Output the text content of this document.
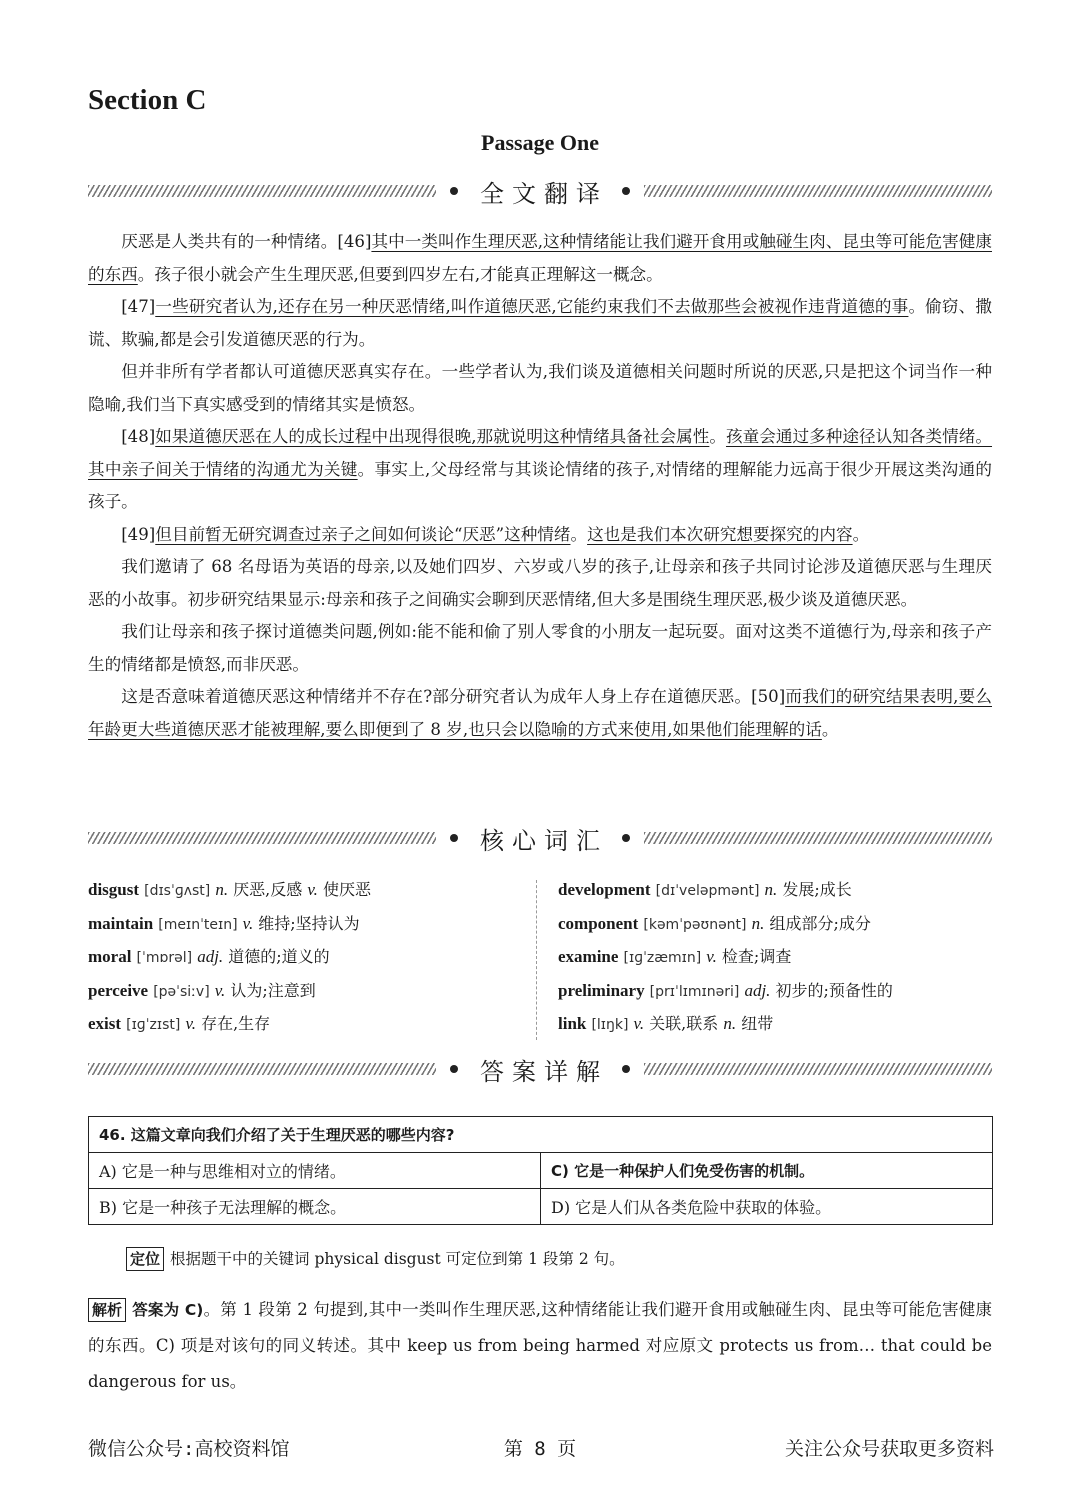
Section C
Passage One
全文翻译

厌恶是人类共有的一种情绪。[46]其中一类叫作生理厌恶,这种情绪能让我们避开食用或触碰生肉、昆虫等可能危害健康的东西。孩子很小就会产生生理厌恶,但要到四岁左右,才能真正理解这一概念。

[47]一些研究者认为,还存在另一种厌恶情绪,叫作道德厌恶,它能约束我们不去做那些会被视作违背道德的事。偷窃、撒谎、欺骗,都是会引发道德厌恶的行为。

但并非所有学者都认可道德厌恶真实存在。一些学者认为,我们谈及道德相关问题时所说的厌恶,只是把这个词当作一种隐喻,我们当下真实感受到的情绪其实是愤怒。

[48]如果道德厌恶在人的成长过程中出现得很晚,那就说明这种情绪具备社会属性。孩童会通过多种途径认知各类情绪。其中亲子间关于情绪的沟通尤为关键。事实上,父母经常与其谈论情绪的孩子,对情绪的理解能力远高于很少开展这类沟通的孩子。

[49]但目前暂无研究调查过亲子之间如何谈论“厌恶”这种情绪。这也是我们本次研究想要探究的内容。

我们邀请了 68 名母语为英语的母亲,以及她们四岁、六岁或八岁的孩子,让母亲和孩子共同讨论涉及道德厌恶与生理厌恶的小故事。初步研究结果显示:母亲和孩子之间确实会聊到厌恶情绪,但大多是围绕生理厌恶,极少谈及道德厌恶。

我们让母亲和孩子探讨道德类问题,例如:能不能和偷了别人零食的小朋友一起玩耍。面对这类不道德行为,母亲和孩子产生的情绪都是愤怒,而非厌恶。

这是否意味着道德厌恶这种情绪并不存在?部分研究者认为成年人身上存在道德厌恶。[50]而我们的研究结果表明,要么年龄更大些道德厌恶才能被理解,要么即便到了 8 岁,也只会以隐喻的方式来使用,如果他们能理解的话。

核心词汇
disgust [dɪsˈɡʌst] n. 厌恶,反感 v. 使厌恶
maintain [meɪnˈteɪn] v. 维持;坚持认为
moral [ˈmɒrəl] adj. 道德的;道义的
perceive [pəˈsiːv] v. 认为;注意到
exist [ɪɡˈzɪst] v. 存在,生存
development [dɪˈveləpmənt] n. 发展;成长
component [kəmˈpəʊnənt] n. 组成部分;成分
examine [ɪɡˈzæmɪn] v. 检查;调查
preliminary [prɪˈlɪmɪnəri] adj. 初步的;预备性的
link [lɪŋk] v. 关联,联系 n. 纽带
答案详解
46. 这篇文章向我们介绍了关于生理厌恶的哪些内容?	
A) 它是一种与思维相对立的情绪。	C) 它是一种保护人们免受伤害的机制。
B) 它是一种孩子无法理解的概念。	D) 它是人们从各类危险中获取的体验。
定位 根据题干中的关键词 physical disgust 可定位到第 1 段第 2 句。
解析 答案为 C)。第 1 段第 2 句提到,其中一类叫作生理厌恶,这种情绪能让我们避开食用或触碰生肉、昆虫等可能危害健康的东西。C) 项是对该句的同义转述。其中 keep us from being harmed 对应原文 protects us from… that could be dangerous for us。
微信公众号:高校资料馆	第 8 页	关注公众号获取更多资料
